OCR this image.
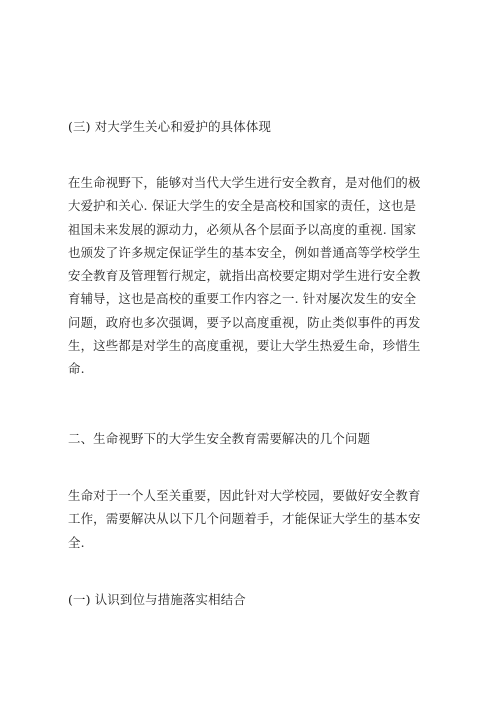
(三) 对大学生关心和爱护的具体体现
在生命视野下，能够对当代大学生进行安全教育，是对他们的极
大爱护和关心. 保证大学生的安全是高校和国家的责任，这也是
祖国未来发展的源动力，必须从各个层面予以高度的重视. 国家
也颁发了许多规定保证学生的基本安全，例如普通高等学校学生
安全教育及管理暂行规定，就指出高校要定期对学生进行安全教
育辅导，这也是高校的重要工作内容之一. 针对屡次发生的安全
问题，政府也多次强调，要予以高度重视，防止类似事件的再发
生，这些都是对学生的高度重视，要让大学生热爱生命，珍惜生
命.
二、生命视野下的大学生安全教育需要解决的几个问题
生命对于一个人至关重要，因此针对大学校园，要做好安全教育
工作，需要解决从以下几个问题着手，才能保证大学生的基本安
全.
(一) 认识到位与措施落实相结合
